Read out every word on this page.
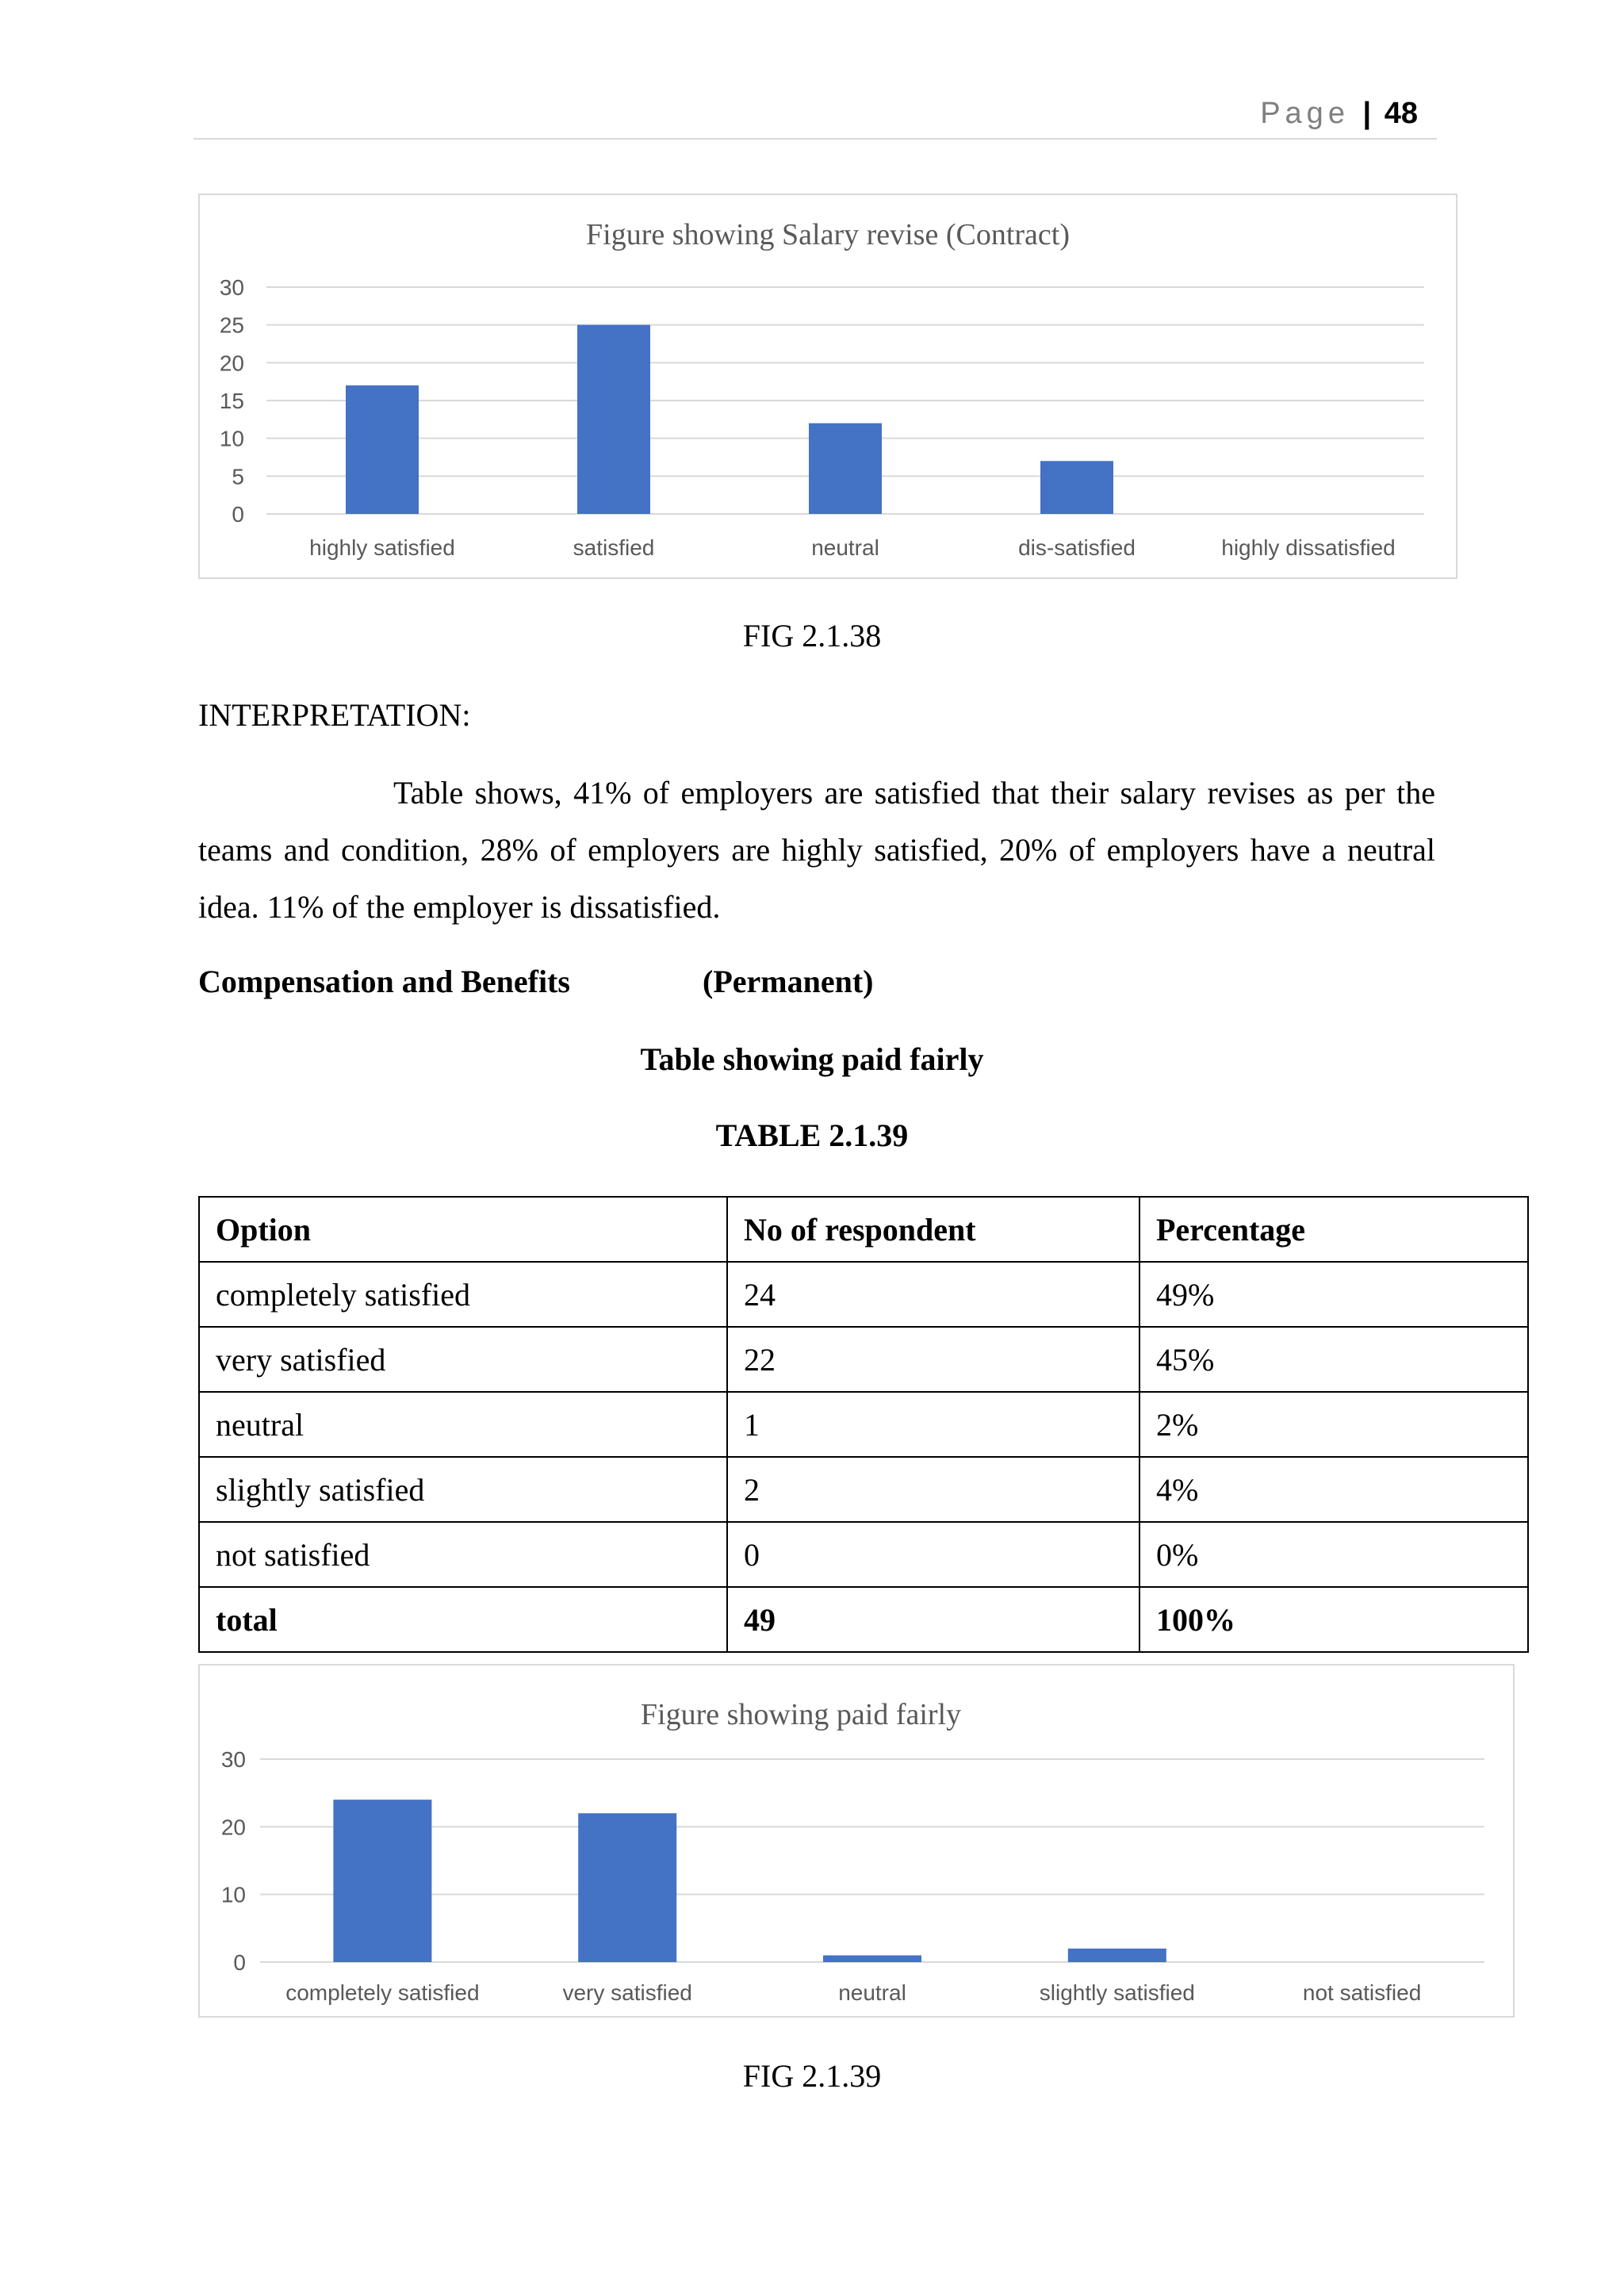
Page | 48
Figure showing Salary revise (Contract)
0
5
10
15
20
25
30
highly satisfied	satisfied	neutral	dis-satisfied	highly dissatisfied
FIG 2.1.38
INTERPRETATION:
Table shows, 41% of employers are satisfied that their salary revises as per the
teams and condition, 28% of employers are highly satisfied, 20% of employers have a neutral
idea. 11% of the employer is dissatisfied.
Compensation and Benefits	(Permanent)
Table showing paid fairly
TABLE 2.1.39
Option	No of respondent	Percentage
completely satisfied	24	49%
very satisfied	22	45%
neutral	1	2%
slightly satisfied	2	4%
not satisfied	0	0%
total	49	100%
Figure showing paid fairly
0
10
20
30
completely satisfied	very satisfied	neutral	slightly satisfied	not satisfied
FIG 2.1.39
